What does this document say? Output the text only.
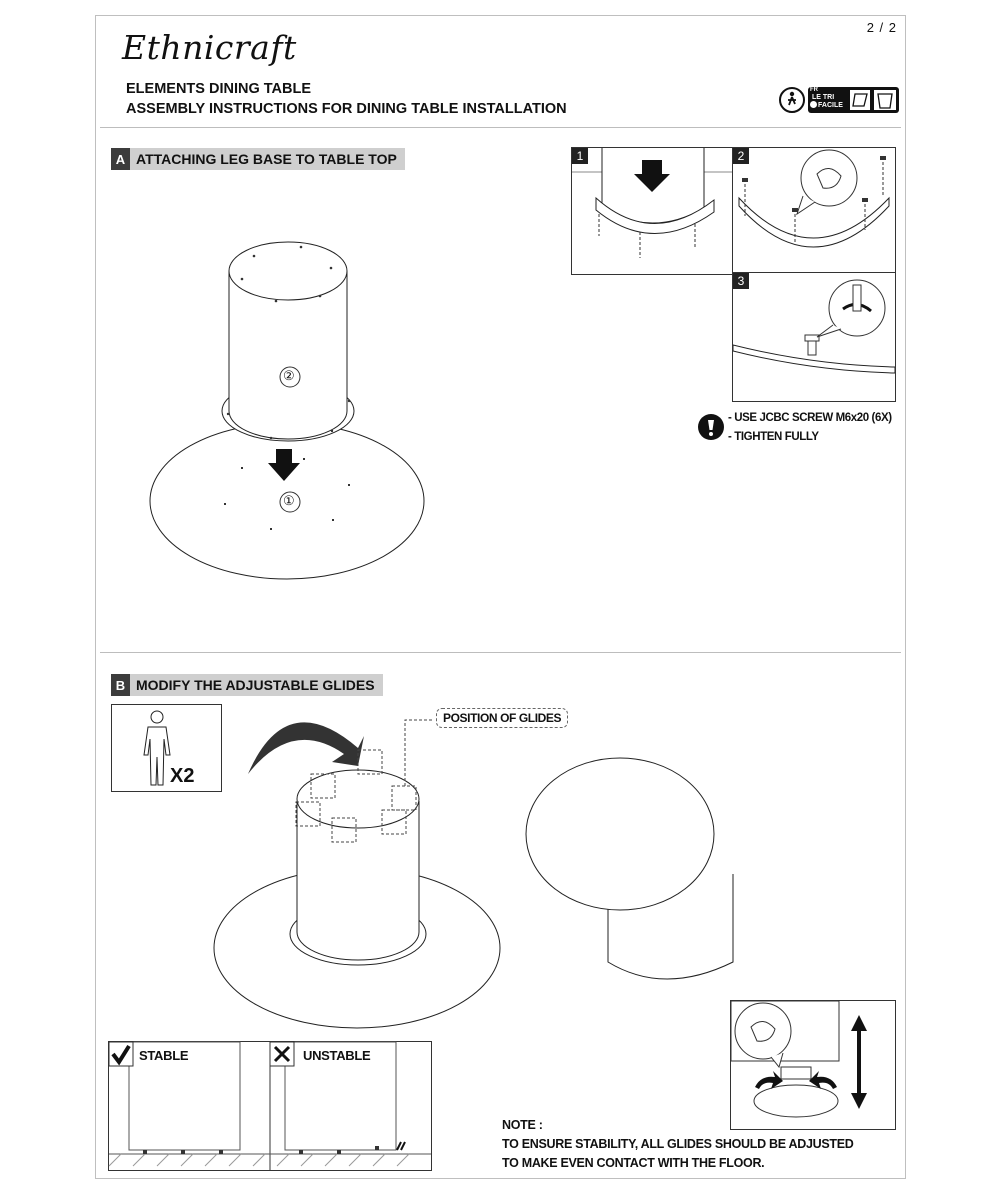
2 / 2
Ethnicraft
ELEMENTS DINING TABLE
ASSEMBLY INSTRUCTIONS FOR DINING TABLE INSTALLATION
FR
LE TRI
FACILE
A ATTACHING LEG BASE TO TABLE TOP
②
①
1	2
3
- USE JCBC SCREW M6x20 (6X)
- TIGHTEN FULLY
B MODIFY THE ADJUSTABLE GLIDES
X2
POSITION OF GLIDES
STABLE	UNSTABLE
NOTE :
TO ENSURE STABILITY, ALL GLIDES SHOULD BE ADJUSTED
TO MAKE EVEN CONTACT WITH THE FLOOR.
